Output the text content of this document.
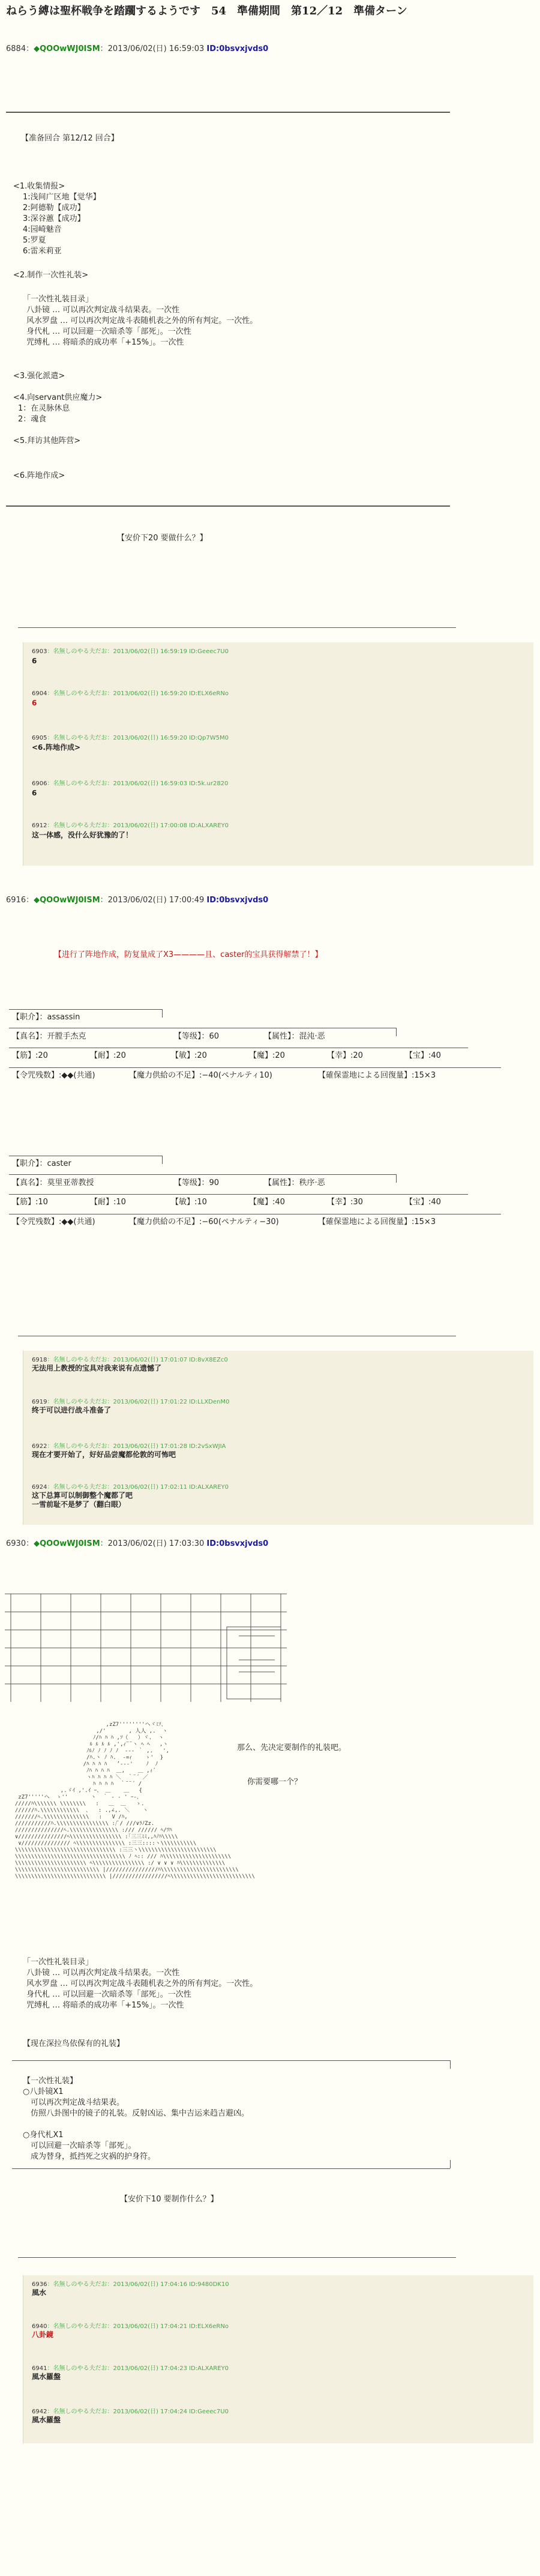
ねらう縛は聖杯戦争を踏躙するようです　54　準備期間　第12／12　準備ターン
6884：◆QOOwWJ0ISM：2013/06/02(日) 16:59:03 ID:0bsvxjvds0
【准备回合 第12/12 回合】
<1.收集情报>
1:浅间广区地【觉华】
2:阿德勒【成功】
3:深谷蕙【成功】
4:园崎魅音
5:罗夏
6:雷米莉亚
<2.制作一次性礼装>
「一次性礼装目录」
八卦镜 … 可以再次判定战斗结果表。一次性
风水罗盘 … 可以再次判定战斗表随机表之外的所有判定。一次性。
身代札 … 可以回避一次暗杀等「部死」。一次性
咒缚札 … 将暗杀的成功率「+15%」。一次性
<3.强化派遣>
<4.向servant供应魔力>
1：在灵脉休息
2：魂食
<5.拜访其他阵营>
<6.阵地作成>
【安价下20 要做什么？】
6903：名無しのやる夫だお：2013/06/02(日) 16:59:19 ID:Geeec7U0
6
6904：名無しのやる夫だお：2013/06/02(日) 16:59:20 ID:ELX6eRNo
6
6905：名無しのやる夫だお：2013/06/02(日) 16:59:20 ID:Qp7W5M0
<6.阵地作成>
6906：名無しのやる夫だお：2013/06/02(日) 16:59:03 ID:5k.ur2820
6
6912：名無しのやる夫だお：2013/06/02(日) 17:00:08 ID:ALXAREY0
这一体感，没什么好犹豫的了！
6916：◆QOOwWJ0ISM：2013/06/02(日) 17:00:49 ID:0bsvxjvds0
【进行了阵地作成，防复量成了X3————且、caster的宝具获得解禁了！】
【职介】：assassin
【真名】：开膛手杰克	【等级】：60	【属性】：混沌·恶
【筋】:20	【耐】:20	【敏】:20	【魔】:20	【幸】:20	【宝】:40
【令咒残数】:◆◆(共通)	【魔力供給の不足】:−40(ペナルティ10)	【確保霊地による回復量】:15×3
【职介】：caster
【真名】：莫里亚蒂教授	【等级】：90	【属性】：秩序·恶
【筋】:10	【耐】:10	【敏】:10	【魔】:40	【幸】:30	【宝】:40
【令咒残数】:◆◆(共通)	【魔力供給の不足】:−60(ペナルティ−30)	【確保霊地による回復量】:15×3
6918：名無しのやる夫だお：2013/06/02(日) 17:01:07 ID:8vX8EZc0
无法用上教授的宝具对我来说有点遗憾了
6919：名無しのやる夫だお：2013/06/02(日) 17:01:22 ID:LLXDenM0
终于可以进行战斗准备了
6922：名無しのやる夫だお：2013/06/02(日) 17:01:28 ID:2vSxWJIA
现在才要开始了，好好品尝魔都伦敦的可怖吧
6924：名無しのやる夫だお：2013/06/02(日) 17:02:11 ID:ALXAREY0
这下总算可以制御整个魔都了吧
一雪前耻不是梦了（翻白眼）
6930：◆QOOwWJ0ISM：2013/06/02(日) 17:03:30 ID:0bsvxjvds0
,zZ7''''''''ヘヾﾐｿ､
,/'       , 人人 ,.  ヽ
ﾉ/ﾊ ﾊ ﾊ ,ｿ（   ）ヾ.  ヽ
ﾙ ﾙ ﾙ ﾙ ,',ｨ¨¨ヽ ﾍ ﾍ   ,ヽ
ﾉﾙﾉ ﾉ ﾉ ﾉ ﾉ  ‐‐‐ ｀ ,.   ',
/ﾊ.ヽ ﾉ ﾊ.  ‐=ｨ    ゝ'  }
/ﾊ ﾊ ﾊ ﾊ   ’‐‐‐'    ﾉ  ﾉ
ﾉﾊ ﾊ ﾊ ﾊ  ＿,    ＿ ,ｨ´
ヽﾊ ﾊ ﾊ ﾊ ＼  ｀¨´ ／
ﾊ ﾊ ﾊ ﾊ  ｀¨¨´ /
,.ゞｲ ,'.ｲ ｰ、 ＿    ＿   {
zZ7'''''ヘ  ゝ''       ヽ  ｀ ‐ ‐ ' ｰ‐､
/////ﾊ\\\\\\\ \\\\\\\\   :   ＿  ＿   ゝ.
//////ﾊ.\\\\\\\\\\\\  ､   : .,∠,. ＼    ヽ
///////ﾍ.\\\\\\\\\\\\\\   :   V /ﾊ,
///////////ﾊ.\\\\\\\\\\\\\\\\ :/ﾟ/ ///∨ﾗﾉZz.
///////////////ﾍ.\\\\\\\\\\\\\\\ :/// ////// ﾍ/ﾂﾊ
∨///////////////ﾍ\\\\\\\\\\\\\\\\ :｢三三ﾐﾐ,,ﾊﾉﾊ\\\\\
∨/////////////// ﾍ\\\\\\\\\\\\\\\ :三三::::ヽ\\\\\\\\\\\
\\\\\\\\\\\\\\\\\\\\\\\\\\\\\\\ :三三ヽ\\\\\\\\\\\\\\\\\\\\\\\\
\\\\\\\\\\\\\\\\\\\\\\\\\\\\\\\\\\ ﾉ ﾍ:: /// ﾊ\\\\\\\\\\\\\\\\\\\\\
\\\\\\\\\\\\\\\\\\\\\\ ﾍ\\\\\\\\\\\\\\\\ :/ ∨ ∨ ∨ ﾊ\\\\\\\\\\\\\\
\\\\\\\\\\\\\\\\\\\\\\\\\\ |////////////////ﾊ\\\\\\\\\\\\\\\\\\\\\\\\
\\\\\\\\\\\\\\\\\\\\\\\\\\\\ |/////////////////ﾍ\\\\\\\\\\\\\\\\\\\\\\\\\\
那么、先决定要制作的礼装吧。
你需要哪一个？
「一次性礼装目录」
八卦镜 … 可以再次判定战斗结果表。一次性
风水罗盘 … 可以再次判定战斗表随机表之外的所有判定。一次性。
身代札 … 可以回避一次暗杀等「部死」。一次性
咒缚札 … 将暗杀的成功率「+15%」。一次性
【现在深拉鸟依保有的礼装】
【一次性礼装】
○八卦镜X1
　可以再次判定战斗结果表。
　仿照八卦图中的镜子的礼装。反射凶运、集中吉运来趋吉避凶。
○身代札X1
　可以回避一次暗杀等「部死」。
　成为替身，抵挡死之灾祸的护身符。
【安价下10 要制作什么？】
6936：名無しのやる夫だお：2013/06/02(日) 17:04:16 ID:9480DK10
風水
6940：名無しのやる夫だお：2013/06/02(日) 17:04:21 ID:ELX6eRNo
八卦鏡
6941：名無しのやる夫だお：2013/06/02(日) 17:04:23 ID:ALXAREY0
風水羅盤
6942：名無しのやる夫だお：2013/06/02(日) 17:04:24 ID:Geeec7U0
風水羅盤
